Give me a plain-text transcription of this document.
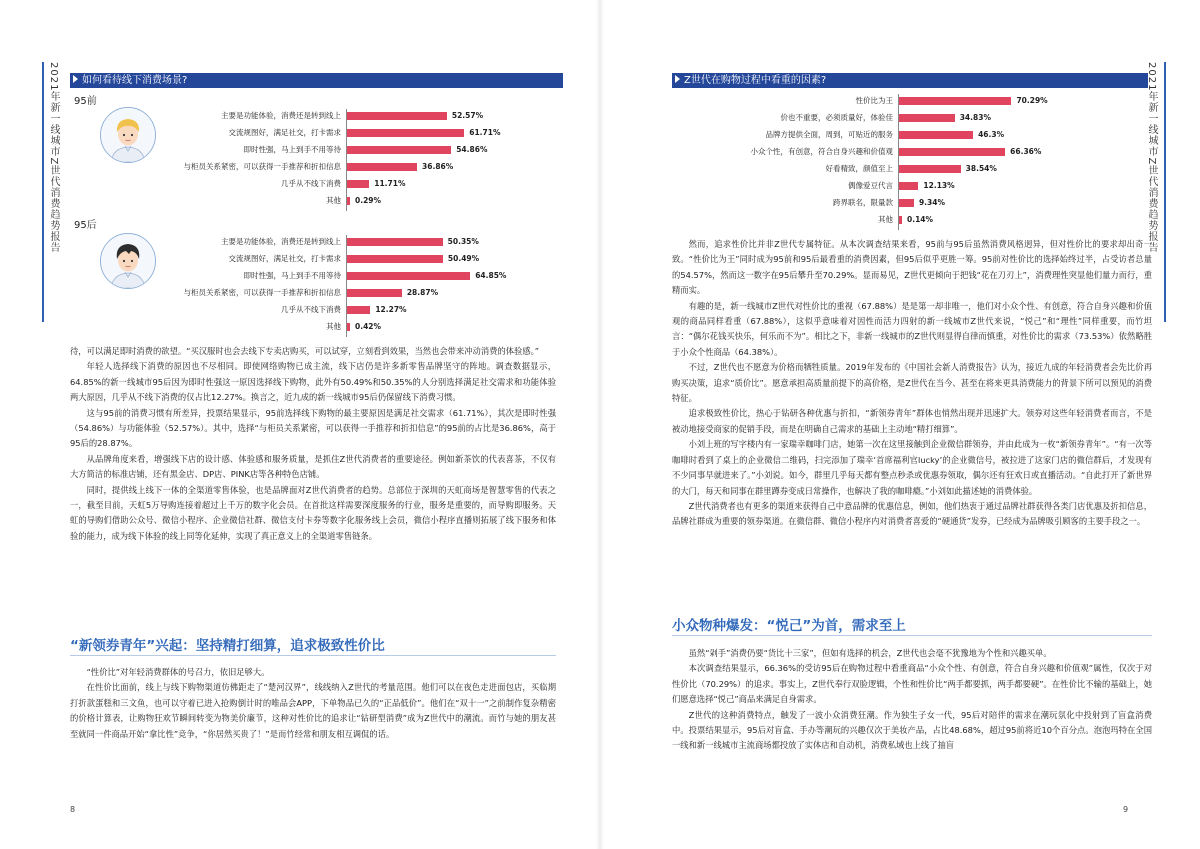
2021年新一线城市Z世代消费趋势报告	如何看待线下消费场景?
95前
主要是功能体验，消费还是转到线上	52.57%
交流规图好，满足社交，打卡需求	61.71%
即时性强，马上到手不用等待	54.86%
与柜员关系紧密，可以获得一手推荐和折扣信息	36.86%
几乎从不线下消费	11.71%
其他 0.29%
95后
主要是功能体验，消费还是转到线上	50.35%
交流规图好，满足社交，打卡需求	50.49%
即时性强，马上到手不用等待	64.85%
与柜员关系紧密，可以获得一手推荐和折扣信息	28.87%
几乎从不线下消费	12.27%
其他 0.42%

待，可以满足即时消费的欲望。“买汉服时也会去线下专卖店购买，可以试穿，立刻看到效果，当然也会带来冲动消费的体验感。”

年轻人选择线下消费的原因也不尽相同。即使网络购物已成主流，线下店仍是许多新零售品牌坚守的阵地。调查数据显示，64.85%的新一线城市95后因为即时性强这一原因选择线下购物，此外有50.49%和50.35%的人分别选择满足社交需求和功能体验两大原因，几乎从不线下消费的仅占比12.27%。换言之，近九成的新一线城市95后仍保留线下消费习惯。

这与95前的消费习惯有所差异，投票结果显示，95前选择线下购物的最主要原因是满足社交需求（61.71%），其次是即时性强（54.86%）与功能体验（52.57%）。其中，选择“与柜员关系紧密，可以获得一手推荐和折扣信息”的95前的占比是36.86%，高于95后的28.87%。

从品牌角度来看，增强线下店的设计感、体验感和服务质量，是抓住Z世代消费者的重要途径。例如新茶饮的代表喜茶，不仅有大方简洁的标准店铺，还有黑金店、DP店、PINK店等各种特色店铺。

同时，提供线上线下一体的全渠道零售体验，也是品牌面对Z世代消费者的趋势。总部位于深圳的天虹商场是智慧零售的代表之一，截至目前，天虹5万导购连接着超过上千万的数字化会员。在首批这样需要深度服务的行业，服务是重要的，而导购即服务。天虹的导购们借助公众号、微信小程序、企业微信社群、微信支付卡券等数字化服务线上会员，微信小程序直播则拓展了线下服务和体验的能力，成为线下体验的线上同等化延伸，实现了真正意义上的全渠道零售链条。

“新领券青年”兴起：坚持精打细算，追求极致性价比

“性价比”对年轻消费群体的号召力，依旧足够大。

在性价比面前，线上与线下购物渠道仿佛距走了“楚河汉界”，线线纳入Z世代的考量范围。他们可以在夜色走进面包店，买临期打折款蛋糕和三文鱼，也可以守着已进入抢购倒计时的唯品会APP，下单物品已久的“正品低价”。他们在“双十一”之前制作复杂精密的价格计算表，让购物狂欢节瞬间转变为物美价廉节，这种对性价比的追求让“钻研型消费”成为Z世代中的潮流。而竹与她的朋友甚至就同一件商品开始“拿比性”竞争，“你居然买贵了！”是而竹经常和朋友相互调侃的话。

8
Z世代在购物过程中看重的因素?
性价比为王	70.29%
价也不重要，必须质量好，体验佳	34.83%
品牌方提供全面，周到，可贴近的服务	46.3%
小众个性，有创意，符合自身兴趣和价值观	66.36%
好看精致，颜值至上	38.54%
偶像爱豆代言	12.13%
跨界联名，限量款	9.34%
其他 0.14%

然而，追求性价比并非Z世代专属特征。从本次调查结果来看，95前与95后虽然消费风格迥异，但对性价比的要求却出奇一致。“性价比为王”同时成为95前和95后最看重的消费因素，但95后似乎更胜一筹。95前对性价比的选择始终过半，占受访者总量的54.57%，然而这一数字在95后攀升至70.29%。显而易见，Z世代更倾向于把钱“花在刀刃上”，消费理性突显他们量力而行，重精而实。

有趣的是，新一线城市Z世代对性价比的重视（67.88%）是是第一却非唯一，他们对小众个性、有创意，符合自身兴趣和价值观的商品同样看重（67.88%），这似乎意味着对因性而活力四射的新一线城市Z世代来说，“悦己”和“理性”同样重要，而竹坦言：“偶尔花钱买快乐，何乐而不为”。相比之下，非新一线城市的Z世代则显得自律而慎重，对性价比的需求（73.53%）依然略胜于小众个性商品（64.38%）。

不过，Z世代也不愿意为价格而牺牲质量。2019年发布的《中国社会新人消费报告》认为，接近九成的年轻消费者会先比价再购买决策，追求“质价比”。愿意承担高质量前提下的高价格，是Z世代在当今、甚至在将来更具消费能力的背景下所可以预见的消费特征。

追求极致性价比，热心于钻研各种优惠与折扣，“新领券青年”群体也悄然出现并迅速扩大。领券对这些年轻消费者而言，不是被动地接受商家的促销手段，而是在明确自己需求的基础上主动地“精打细算”。

小刘上班的写字楼内有一家瑞幸咖啡门店，她第一次在这里接触到企业微信群领券，并由此成为一枚“新领券青年”。“有一次等咖啡时看到了桌上的企业微信二维码，扫完添加了瑞幸‘首席福利官lucky’的企业微信号，被拉进了这家门店的微信群后，才发现有不少同事早就进来了。”小刘说。如今，群里几乎每天都有整点秒杀或优惠券领取，偶尔还有狂欢日或直播活动。“自此打开了新世界的大门，每天和同事在群里蹲券变成日常操作，也解决了我的咖啡瘾。”小刘如此描述她的消费体验。

Z世代消费者也有更多的渠道来获得自己中意品牌的优惠信息，例如，他们热衷于通过品牌社群获得各类门店优惠及折扣信息，品牌社群成为重要的领券渠道。在微信群、微信小程序内对消费者喜爱的“硬通货”发券，已经成为品牌吸引顾客的主要手段之一。

小众物种爆发：“悦己”为首，需求至上

虽然“剁手”消费仍要“货比十三家”，但如有选择的机会，Z世代也会毫不犹豫地为个性和兴趣买单。

本次调查结果显示，66.36%的受访95后在购物过程中看重商品“小众个性、有创意，符合自身兴趣和价值观”属性，仅次于对性价比（70.29%）的追求。事实上，Z世代奉行双脸逻辑，个性和性价比“两手都要抓，两手都要硬”。在性价比不输的基础上，她们愿意选择“悦己”商品来满足自身需求。

Z世代的这种消费特点，触发了一波小众消费狂潮。作为独生子女一代，95后对陪伴的需求在潮玩氛化中投射到了盲盒消费中。投票结果显示，95后对盲盒、手办等潮玩的兴趣仅次于美妆产品，占比48.68%，超过95前将近10个百分点。泡泡玛特在全国一线和新一线城市主流商场都投放了实体店和自动机，消费私域也上线了抽盲

9
2021年新一线城市Z世代消费趋势报告
